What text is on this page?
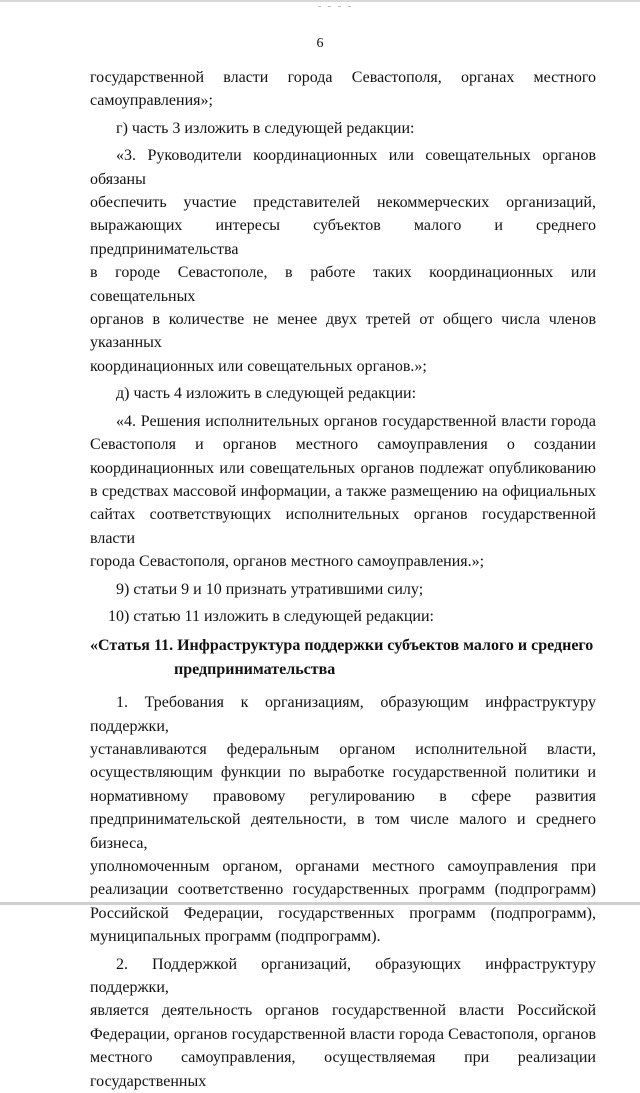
6

государственной власти города Севастополя, органах местного

самоуправления»;

г) часть 3 изложить в следующей редакции:

«3. Руководители координационных или совещательных органов обязаны

обеспечить участие представителей некоммерческих организаций,

выражающих интересы субъектов малого и среднего предпринимательства

в городе Севастополе, в работе таких координационных или совещательных

органов в количестве не менее двух третей от общего числа членов указанных

координационных или совещательных органов.»;

д) часть 4 изложить в следующей редакции:

«4. Решения исполнительных органов государственной власти города

Севастополя и органов местного самоуправления о создании

координационных или совещательных органов подлежат опубликованию

в средствах массовой информации, а также размещению на официальных

сайтах соответствующих исполнительных органов государственной власти

города Севастополя, органов местного самоуправления.»;

9) статьи 9 и 10 признать утратившими силу;

10) статью 11 изложить в следующей редакции:

«Статья 11. Инфраструктура поддержки субъектов малого и среднего
предпринимательства

1. Требования к организациям, образующим инфраструктуру поддержки,

устанавливаются федеральным органом исполнительной власти,

осуществляющим функции по выработке государственной политики и

нормативному правовому регулированию в сфере развития

предпринимательской деятельности, в том числе малого и среднего бизнеса,

уполномоченным органом, органами местного самоуправления при

реализации соответственно государственных программ (подпрограмм)

Российской Федерации, государственных программ (подпрограмм),

муниципальных программ (подпрограмм).

2. Поддержкой организаций, образующих инфраструктуру поддержки,

является деятельность органов государственной власти Российской

Федерации, органов государственной власти города Севастополя, органов

местного самоуправления, осуществляемая при реализации государственных
